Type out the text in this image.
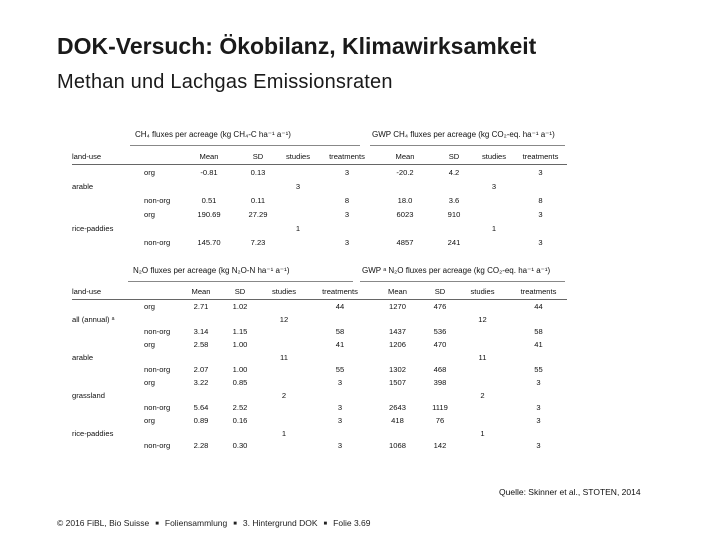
DOK-Versuch: Ökobilanz, Klimawirksamkeit
Methan und Lachgas Emissionsraten
CH₄ fluxes per acreage (kg CH₄-C ha⁻¹ a⁻¹)	GWP CH₄ fluxes per acreage (kg CO₂-eq. ha⁻¹ a⁻¹)
land-use		Mean	SD	studies	treatments	Mean	SD	studies	treatments
	org	-0.81	0.13		3	-20.2	4.2		3
arable				3				3	
	non-org	0.51	0.11		8	18.0	3.6		8
	org	190.69	27.29		3	6023	910		3
rice-paddies				1				1	
	non-org	145.70	7.23		3	4857	241		3
N₂O fluxes per acreage (kg N₂O-N ha⁻¹ a⁻¹)	GWP ᵃ N₂O fluxes per acreage (kg CO₂-eq. ha⁻¹ a⁻¹)
land-use		Mean	SD	studies	treatments	Mean	SD	studies	treatments
	org	2.71	1.02		44	1270	476		44
all (annual) ᵃ				12				12	
	non-org	3.14	1.15		58	1437	536		58
	org	2.58	1.00		41	1206	470		41
arable				11				11	
	non-org	2.07	1.00		55	1302	468		55
	org	3.22	0.85		3	1507	398		3
grassland				2				2	
	non-org	5.64	2.52		3	2643	1119		3
	org	0.89	0.16		3	418	76		3
rice-paddies				1				1	
	non-org	2.28	0.30		3	1068	142		3
Quelle: Skinner et al., STOTEN, 2014
© 2016 FiBL, Bio Suisse ■ Foliensammlung ■ 3. Hintergrund DOK ■ Folie 3.69
